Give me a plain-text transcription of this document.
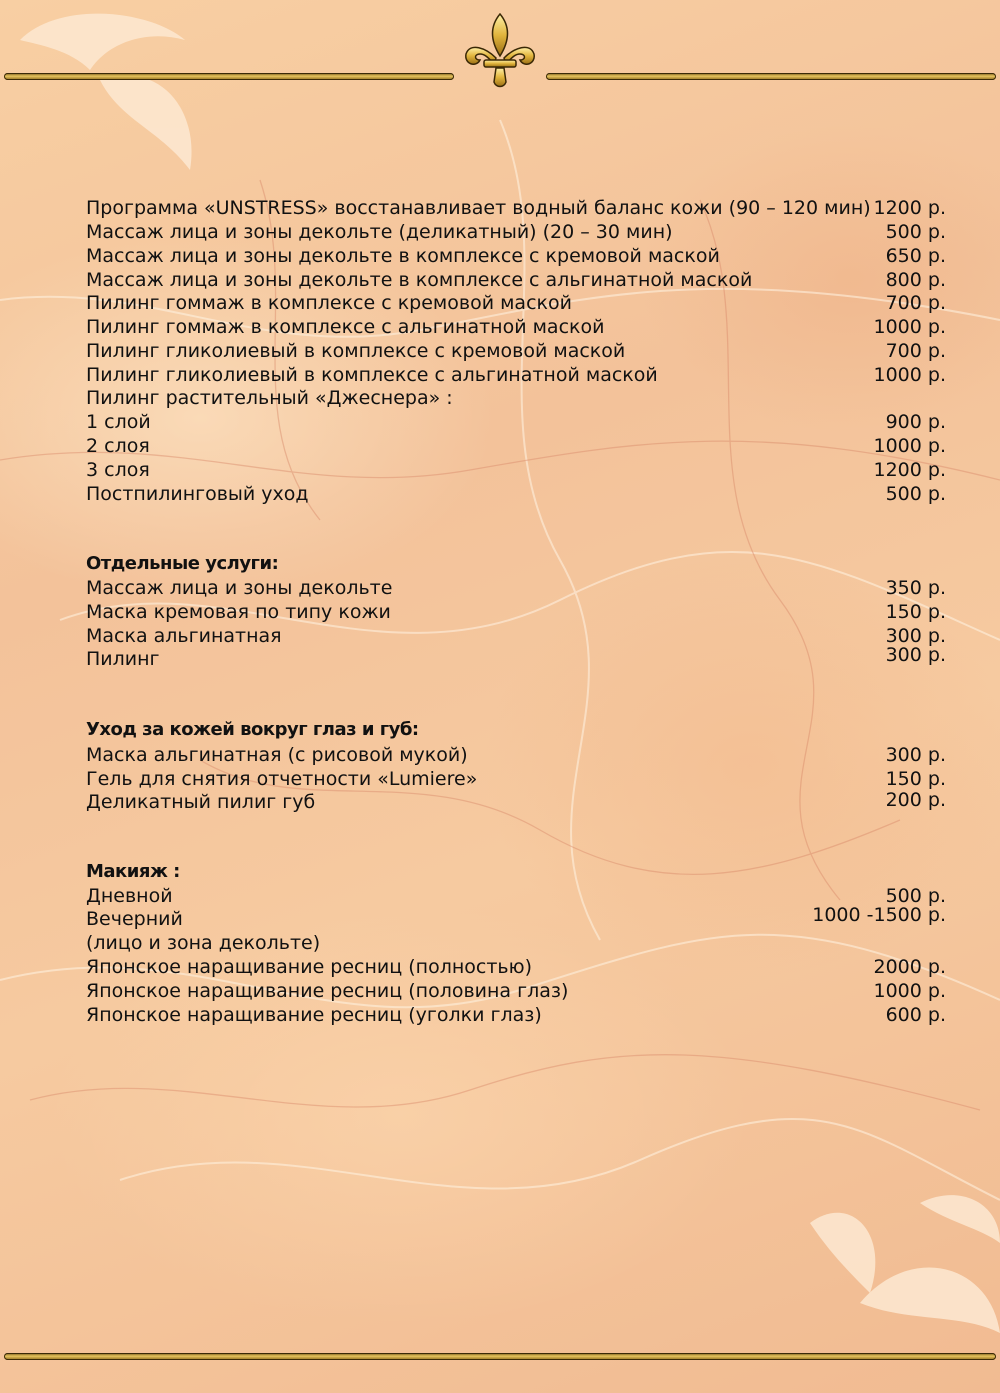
Программа «UNSTRESS» восстанавливает водный баланс кожи (90 – 120 мин) 1200 р.
Массаж лица и зоны декольте (деликатный) (20 – 30 мин)	500 р.
Массаж лица и зоны декольте в комплексе с кремовой маской	650 р.
Массаж лица и зоны декольте в комплексе с альгинатной маской	800 р.
Пилинг гоммаж в комплексе с кремовой маской	700 р.
Пилинг гоммаж в комплексе с альгинатной маской	1000 р.
Пилинг гликолиевый в комплексе с кремовой маской	700 р.
Пилинг гликолиевый в комплексе с альгинатной маской	1000 р.
Пилинг растительный «Джеснера» :
1 слой	900 р.
2 слоя	1000 р.
3 слоя	1200 р.
Постпилинговый уход	500 р.
Отдельные услуги:
Массаж лица и зоны декольте	350 р.
Маска кремовая по типу кожи	150 р.
Маска альгинатная	300 р.
Пилинг	300 р.
Уход за кожей вокруг глаз и губ:
Маска альгинатная (с рисовой мукой)	300 р.
Гель для снятия отчетности «Lumiere»	150 р.
Деликатный пилиг губ	200 р.
Макияж :
Дневной	500 р.
Вечерний	1000 -1500 р.
(лицо и зона декольте)
Японское наращивание ресниц (полностью)	2000 р.
Японское наращивание ресниц (половина глаз)	1000 р.
Японское наращивание ресниц (уголки глаз)	600 р.
